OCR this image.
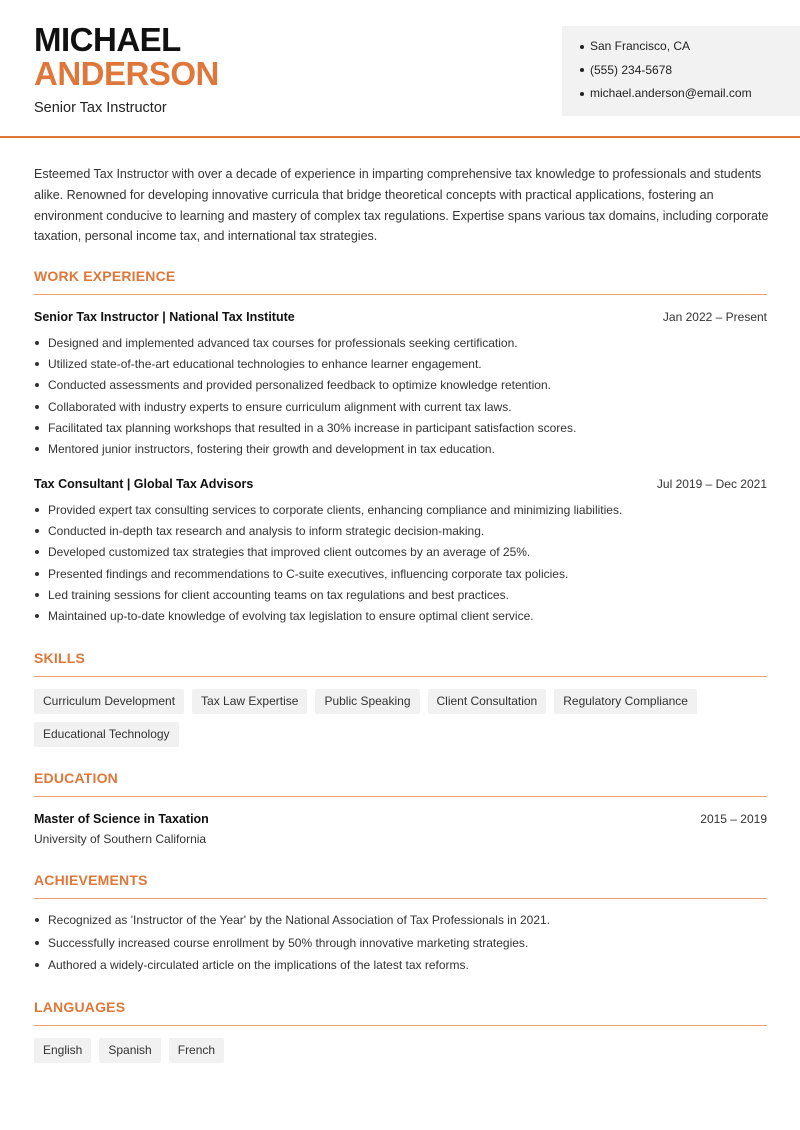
MICHAEL
ANDERSON
Senior Tax Instructor
San Francisco, CA
(555) 234-5678
michael.anderson@email.com

Esteemed Tax Instructor with over a decade of experience in imparting comprehensive tax knowledge to professionals and students alike. Renowned for developing innovative curricula that bridge theoretical concepts with practical applications, fostering an environment conducive to learning and mastery of complex tax regulations. Expertise spans various tax domains, including corporate taxation, personal income tax, and international tax strategies.

WORK EXPERIENCE
Senior Tax Instructor | National Tax Institute	Jan 2022 – Present
Designed and implemented advanced tax courses for professionals seeking certification.
Utilized state-of-the-art educational technologies to enhance learner engagement.
Conducted assessments and provided personalized feedback to optimize knowledge retention.
Collaborated with industry experts to ensure curriculum alignment with current tax laws.
Facilitated tax planning workshops that resulted in a 30% increase in participant satisfaction scores.
Mentored junior instructors, fostering their growth and development in tax education.
Tax Consultant | Global Tax Advisors	Jul 2019 – Dec 2021
Provided expert tax consulting services to corporate clients, enhancing compliance and minimizing liabilities.
Conducted in-depth tax research and analysis to inform strategic decision-making.
Developed customized tax strategies that improved client outcomes by an average of 25%.
Presented findings and recommendations to C-suite executives, influencing corporate tax policies.
Led training sessions for client accounting teams on tax regulations and best practices.
Maintained up-to-date knowledge of evolving tax legislation to ensure optimal client service.
SKILLS
Curriculum Development	Tax Law Expertise	Public Speaking	Client Consultation	Regulatory Compliance
Educational Technology
EDUCATION
Master of Science in Taxation	2015 – 2019
University of Southern California
ACHIEVEMENTS
Recognized as 'Instructor of the Year' by the National Association of Tax Professionals in 2021.
Successfully increased course enrollment by 50% through innovative marketing strategies.
Authored a widely-circulated article on the implications of the latest tax reforms.
LANGUAGES
English	Spanish	French
